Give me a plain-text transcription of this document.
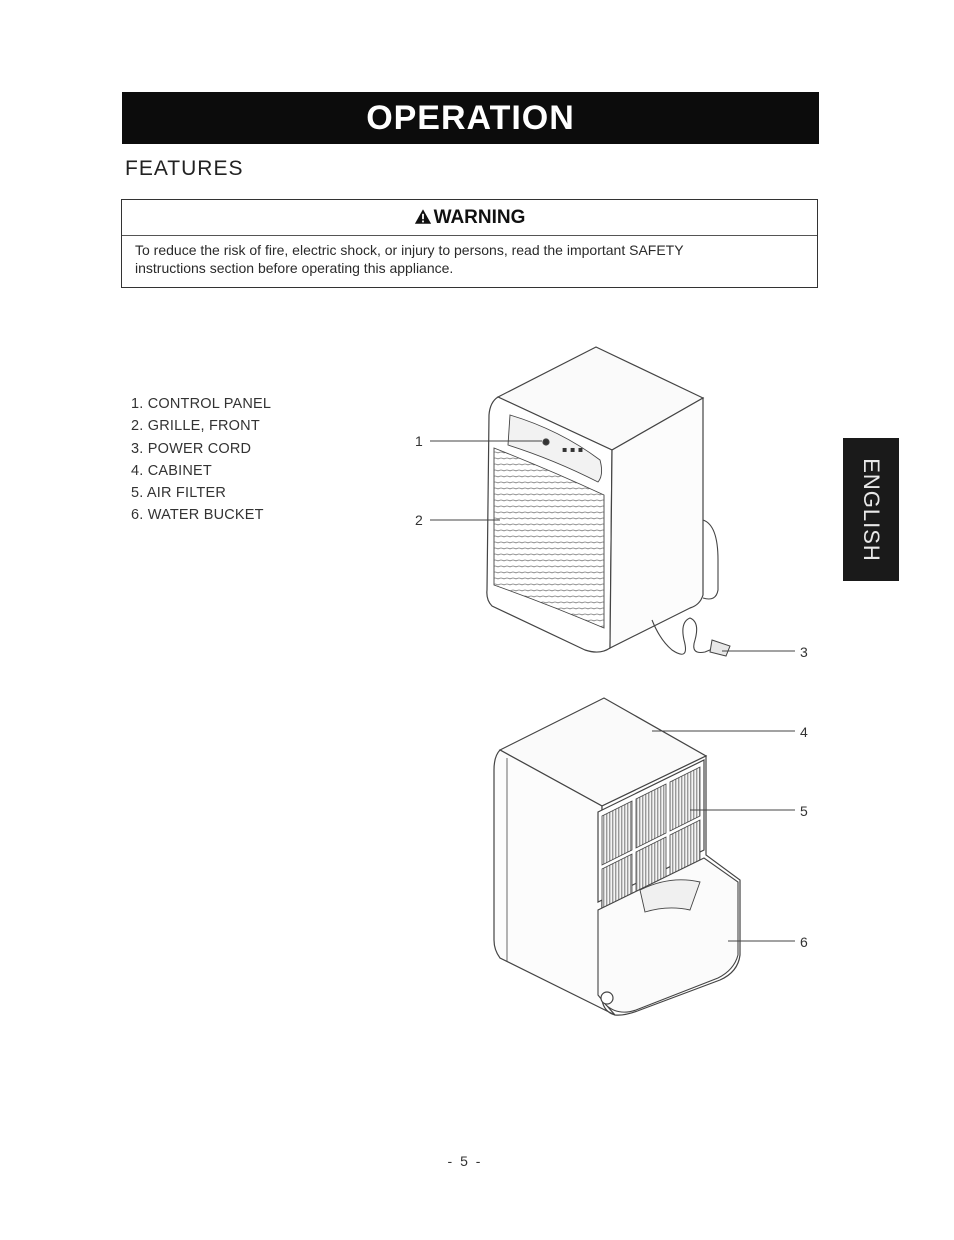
OPERATION
FEATURES
WARNING
To reduce the risk of fire, electric shock, or injury to persons, read the important SAFETY
instructions section before operating this appliance.
1. CONTROL PANEL
2. GRILLE, FRONT
3. POWER CORD
4. CABINET
5. AIR FILTER
6. WATER BUCKET	ENGLISH
▪ ▪ ▪
1
2
3
4
5
6
- 5 -
